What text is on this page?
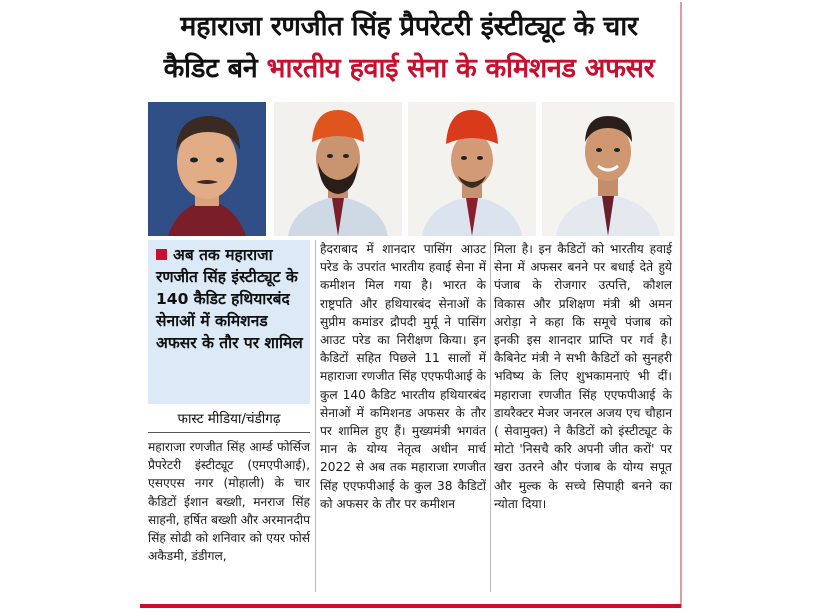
महाराजा रणजीत सिंह प्रैपरेटरी इंस्टीट्यूट के चार
कैडिट बने भारतीय हवाई सेना के कमिशनड अफसर
अब तक महाराजा रणजीत सिंह इंस्टीट्यूट के 140 कैडिट हथियारबंद सेनाओं में कमिशनड अफसर के तौर पर शामिल
फास्ट मीडिया/चंडीगढ़
महाराजा रणजीत सिंह आर्म्ड फोर्सिज प्रैपरेटरी इंस्टीट्यूट (एमएपीआई), एसएएस नगर (मोहाली) के चार कैडिटों ईशान बख्शी, मनराज सिंह साहनी, हर्षित बख्शी और अरमानदीप सिंह सोढी को शनिवार को एयर फोर्स अकैडमी, डंडीगल,
हैदराबाद में शानदार पासिंग आउट परेड के उपरांत भारतीय हवाई सेना में कमीशन मिल गया है। भारत के राष्ट्रपति और हथियारबंद सेनाओं के सुप्रीम कमांडर द्रौपदी मुर्मू ने पासिंग आउट परेड का निरीक्षण किया। इन कैडिटों सहित पिछले 11 सालों में महाराजा रणजीत सिंह एएफपीआई के कुल 140 कैडिट भारतीय हथियारबंद सेनाओं में कमिशनड अफसर के तौर पर शामिल हुए हैं। मुख्यमंत्री भगवंत मान के योग्य नेतृत्व अधीन मार्च 2022 से अब तक महाराजा रणजीत सिंह एएफपीआई के कुल 38 कैडिटों को अफसर के तौर पर कमीशन
मिला है। इन कैडिटों को भारतीय हवाई सेना में अफसर बनने पर बधाई देते हुये पंजाब के रोजगार उत्पत्ति, कौशल विकास और प्रशिक्षण मंत्री श्री अमन अरोड़ा ने कहा कि समूचे पंजाब को इनकी इस शानदार प्राप्ति पर गर्व है। कैबिनेट मंत्री ने सभी कैडिटों को सुनहरी भविष्य के लिए शुभकामनाएं भी दीं। महाराजा रणजीत सिंह एएफपीआई के डायरैक्टर मेजर जनरल अजय एच चौहान ( सेवामुक्त) ने कैडिटों को इंस्टीट्यूट के मोटो 'निसचै करि अपनी जीत करों' पर खरा उतरने और पंजाब के योग्य सपूत और मुल्क के सच्चे सिपाही बनने का न्योता दिया।
